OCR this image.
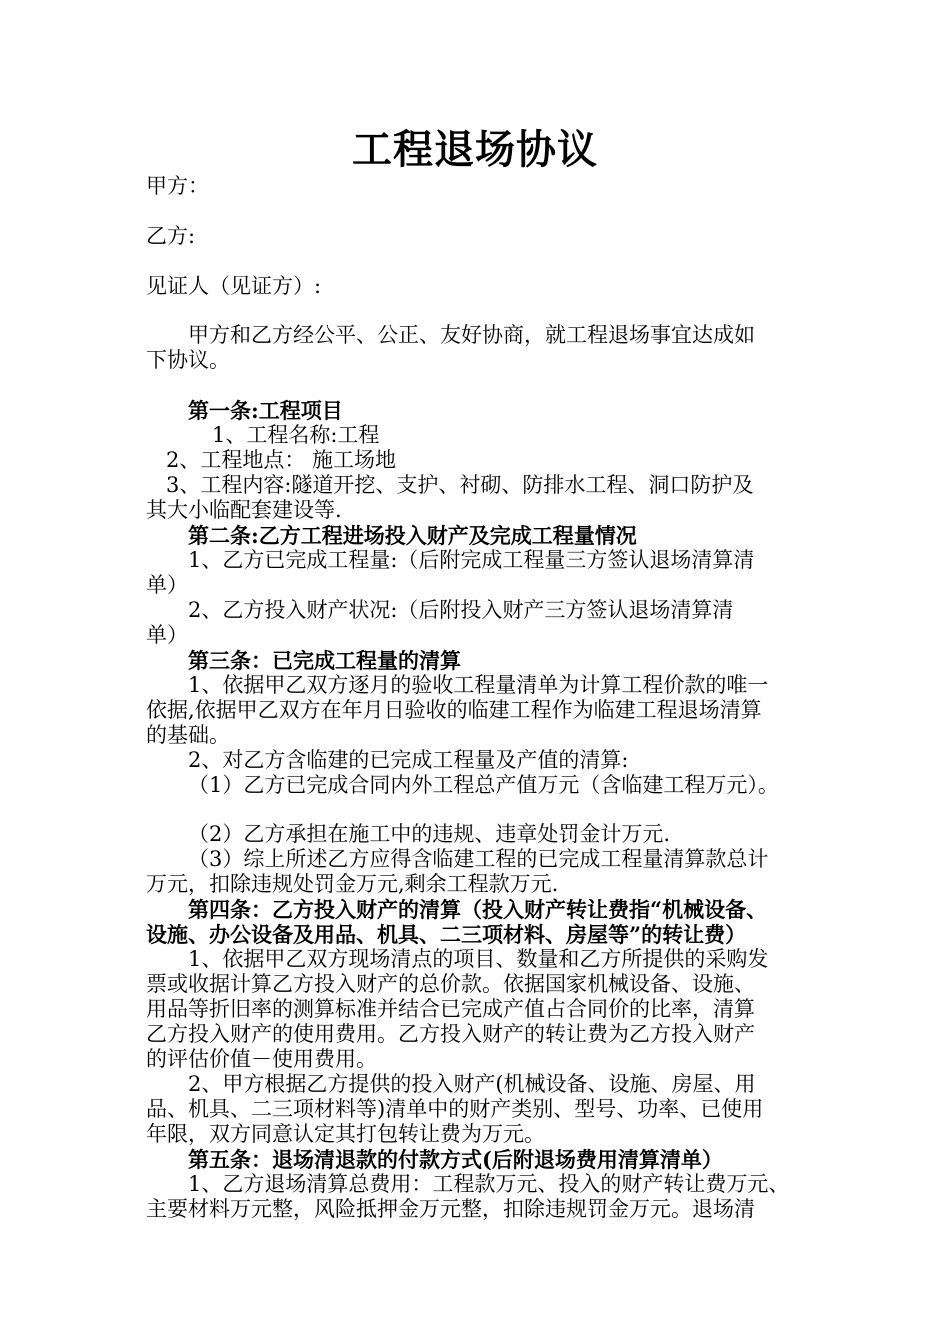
工程退场协议
甲方：
乙方:
见证人（见证方）:
甲方和乙方经公平、公正、友好协商，就工程退场事宜达成如
下协议。
第一条:工程项目
1、工程名称:工程
2、工程地点： 施工场地
3、工程内容:隧道开挖、支护、衬砌、防排水工程、洞口防护及
其大小临配套建设等.
第二条:乙方工程进场投入财产及完成工程量情况
1、乙方已完成工程量:（后附完成工程量三方签认退场清算清
单）
2、乙方投入财产状况:（后附投入财产三方签认退场清算清
单）
第三条：已完成工程量的清算
1、依据甲乙双方逐月的验收工程量清单为计算工程价款的唯一
依据,依据甲乙双方在年月日验收的临建工程作为临建工程退场清算
的基础。
2、对乙方含临建的已完成工程量及产值的清算:
（1）乙方已完成合同内外工程总产值万元（含临建工程万元）。
（2）乙方承担在施工中的违规、违章处罚金计万元.
（3）综上所述乙方应得含临建工程的已完成工程量清算款总计
万元，扣除违规处罚金万元,剩余工程款万元.
第四条：乙方投入财产的清算（投入财产转让费指“机械设备、
设施、办公设备及用品、机具、二三项材料、房屋等”的转让费）
1、依据甲乙双方现场清点的项目、数量和乙方所提供的采购发
票或收据计算乙方投入财产的总价款。依据国家机械设备、设施、
用品等折旧率的测算标准并结合已完成产值占合同价的比率，清算
乙方投入财产的使用费用。乙方投入财产的转让费为乙方投入财产
的评估价值－使用费用。
2、甲方根据乙方提供的投入财产(机械设备、设施、房屋、用
品、机具、二三项材料等)清单中的财产类别、型号、功率、已使用
年限，双方同意认定其打包转让费为万元。
第五条：退场清退款的付款方式(后附退场费用清算清单）
1、乙方退场清算总费用：工程款万元、投入的财产转让费万元、
主要材料万元整，风险抵押金万元整，扣除违规罚金万元。退场清
